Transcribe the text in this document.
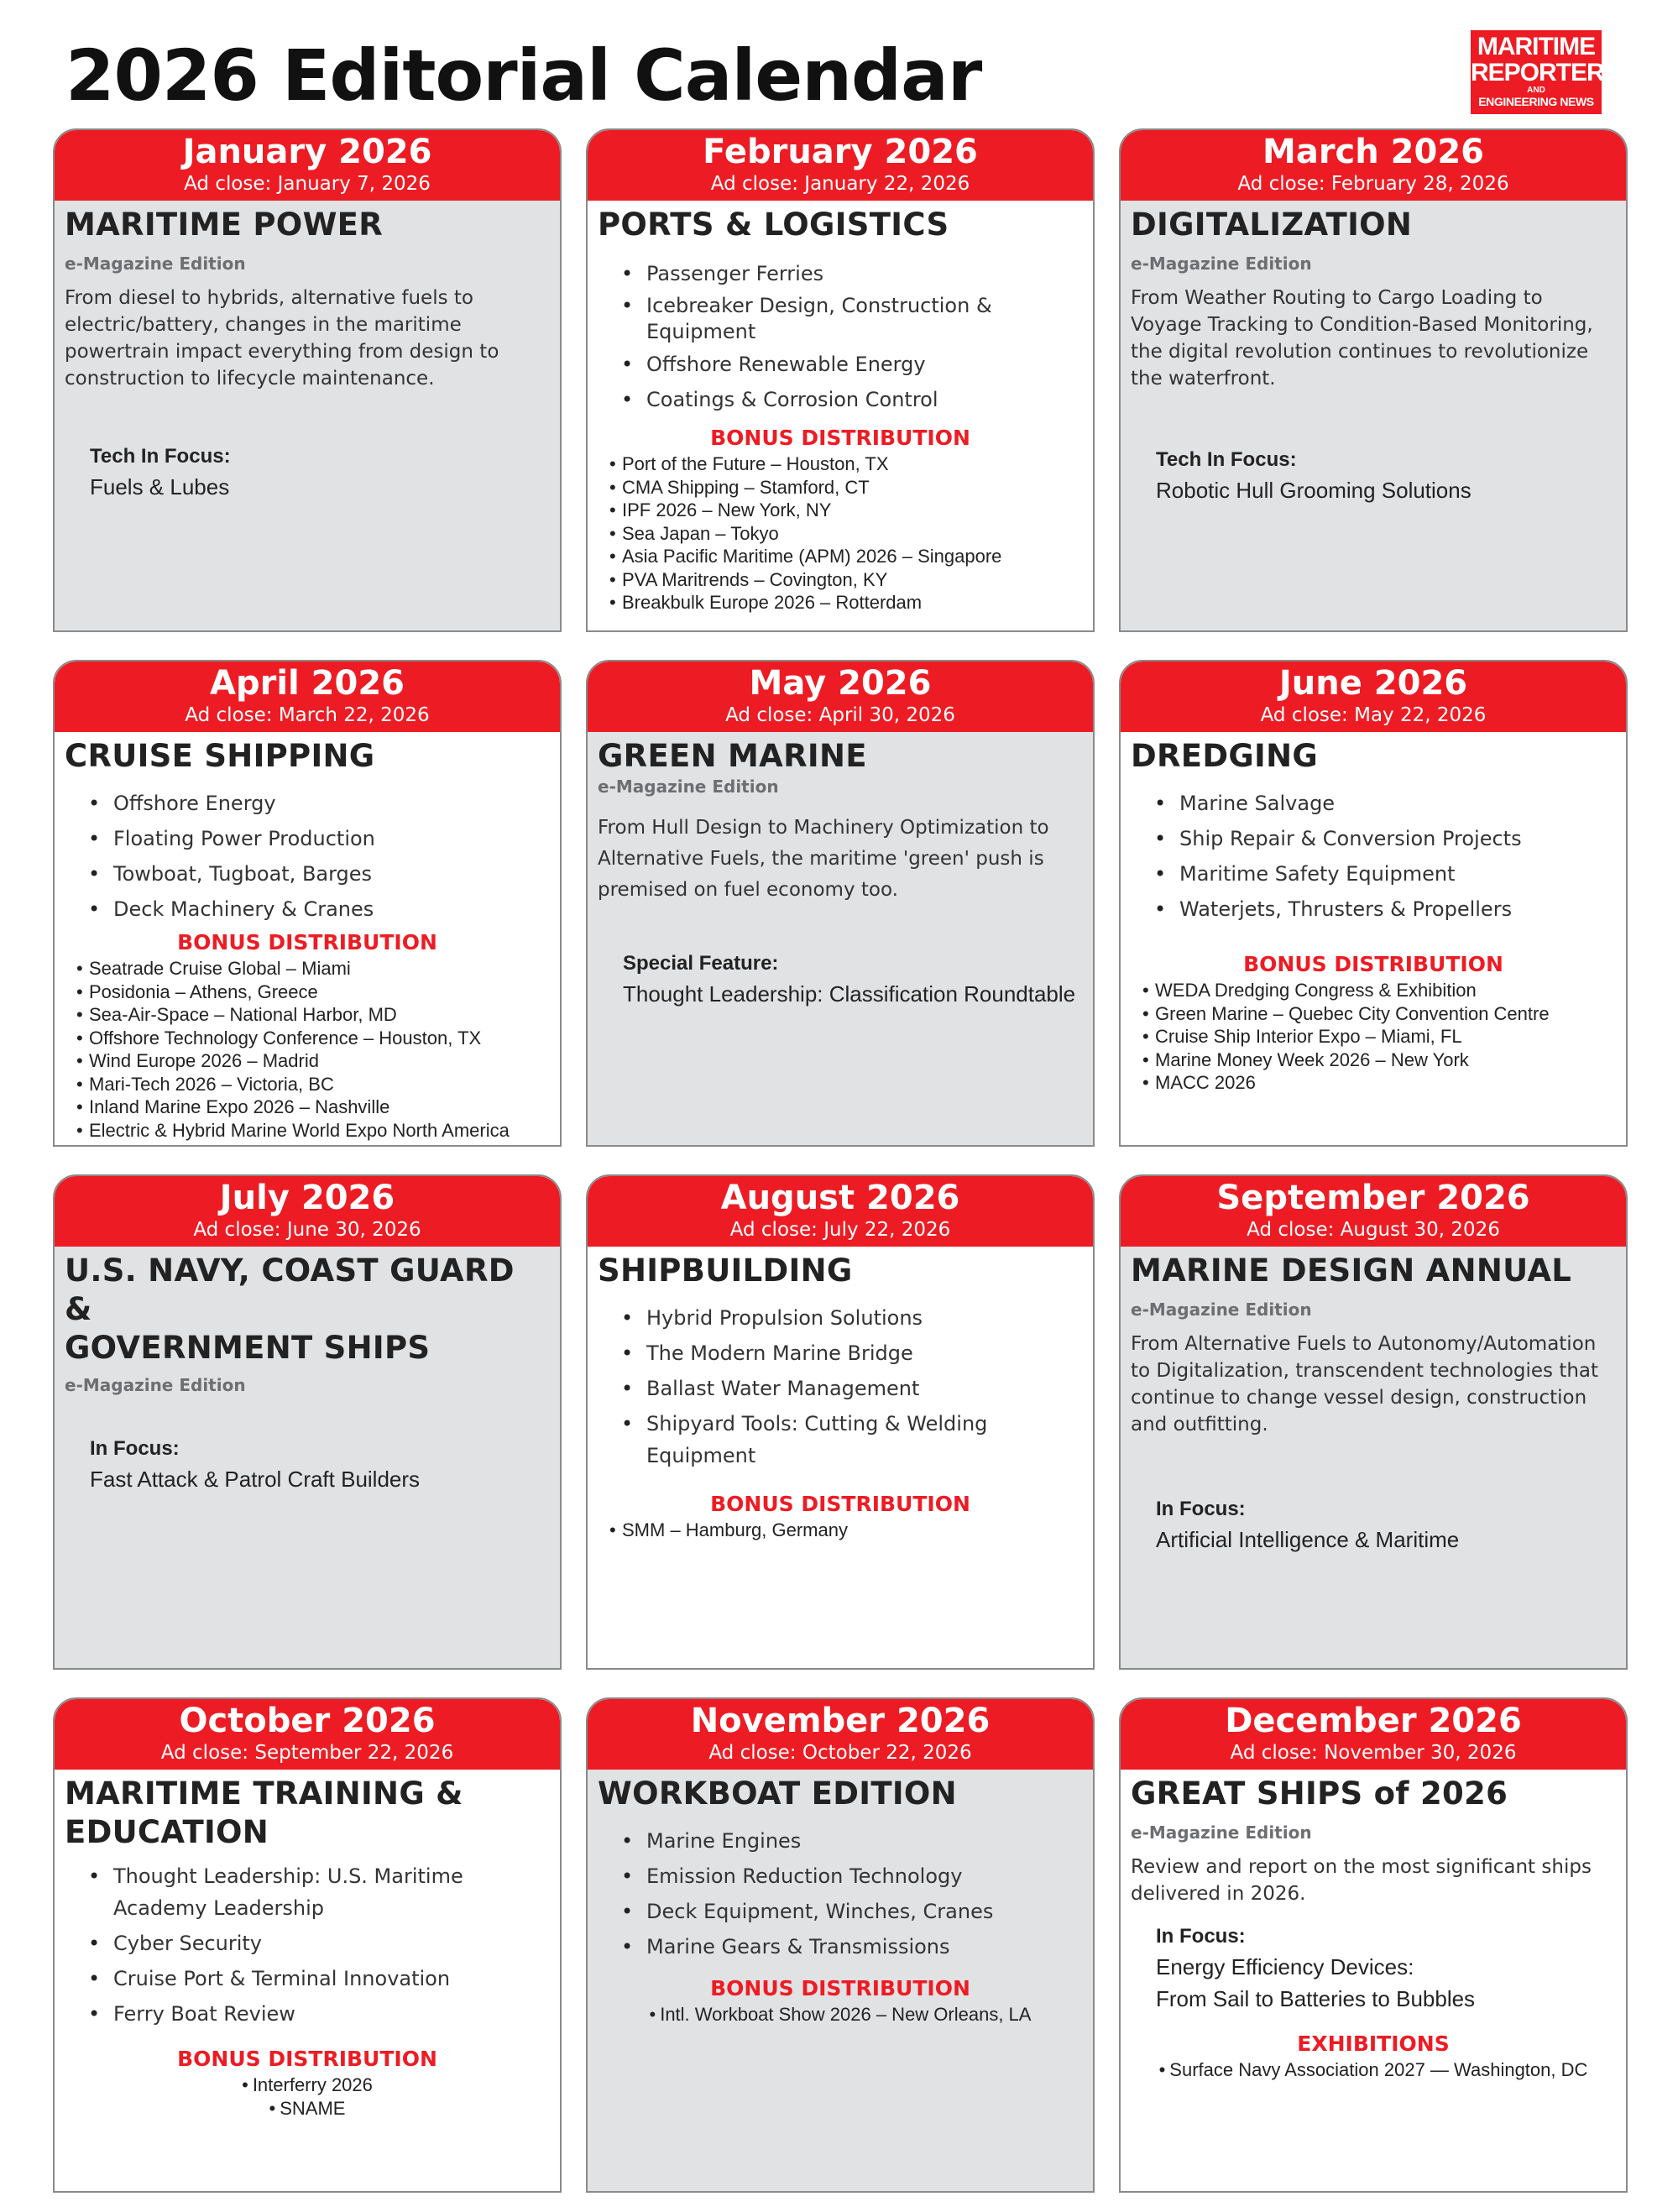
2026 Editorial Calendar	MARITIME
REPORTER
AND
ENGINEERING NEWS
January 2026
Ad close: January 7, 2026
MARITIME POWER
e-Magazine Edition
From diesel to hybrids, alternative fuels to electric/battery, changes in the maritime powertrain impact everything from design to construction to lifecycle maintenance.
Tech In Focus:
Fuels & Lubes
February 2026
Ad close: January 22, 2026
PORTS & LOGISTICS
• Passenger Ferries
• Icebreaker Design, Construction & Equipment
• Offshore Renewable Energy
• Coatings & Corrosion Control
BONUS DISTRIBUTION
• Port of the Future – Houston, TX
• CMA Shipping – Stamford, CT
• IPF 2026 – New York, NY
• Sea Japan – Tokyo
• Asia Pacific Maritime (APM) 2026 – Singapore
• PVA Maritrends – Covington, KY
• Breakbulk Europe 2026 – Rotterdam
March 2026
Ad close: February 28, 2026
DIGITALIZATION
e-Magazine Edition
From Weather Routing to Cargo Loading to Voyage Tracking to Condition-Based Monitoring, the digital revolution continues to revolutionize the waterfront.
Tech In Focus:
Robotic Hull Grooming Solutions
April 2026
Ad close: March 22, 2026
CRUISE SHIPPING
• Offshore Energy
• Floating Power Production
• Towboat, Tugboat, Barges
• Deck Machinery & Cranes
BONUS DISTRIBUTION
• Seatrade Cruise Global – Miami
• Posidonia – Athens, Greece
• Sea-Air-Space – National Harbor, MD
• Offshore Technology Conference – Houston, TX
• Wind Europe 2026 – Madrid
• Mari-Tech 2026 – Victoria, BC
• Inland Marine Expo 2026 – Nashville
• Electric & Hybrid Marine World Expo North America
May 2026
Ad close: April 30, 2026
GREEN MARINE
e-Magazine Edition
From Hull Design to Machinery Optimization to Alternative Fuels, the maritime 'green' push is premised on fuel economy too.
Special Feature:
Thought Leadership: Classification Roundtable
June 2026
Ad close: May 22, 2026
DREDGING
• Marine Salvage
• Ship Repair & Conversion Projects
• Maritime Safety Equipment
• Waterjets, Thrusters & Propellers
BONUS DISTRIBUTION
• WEDA Dredging Congress & Exhibition
• Green Marine – Quebec City Convention Centre
• Cruise Ship Interior Expo – Miami, FL
• Marine Money Week 2026 – New York
• MACC 2026
July 2026
Ad close: June 30, 2026
U.S. NAVY, COAST GUARD &
GOVERNMENT SHIPS
e-Magazine Edition
In Focus:
Fast Attack & Patrol Craft Builders
August 2026
Ad close: July 22, 2026
SHIPBUILDING
• Hybrid Propulsion Solutions
• The Modern Marine Bridge
• Ballast Water Management
• Shipyard Tools: Cutting & Welding Equipment
BONUS DISTRIBUTION
• SMM – Hamburg, Germany
September 2026
Ad close: August 30, 2026
MARINE DESIGN ANNUAL
e-Magazine Edition
From Alternative Fuels to Autonomy/Automation to Digitalization, transcendent technologies that continue to change vessel design, construction and outfitting.
In Focus:
Artificial Intelligence & Maritime
October 2026
Ad close: September 22, 2026
MARITIME TRAINING &
EDUCATION
• Thought Leadership: U.S. Maritime Academy Leadership
• Cyber Security
• Cruise Port & Terminal Innovation
• Ferry Boat Review
BONUS DISTRIBUTION
• Interferry 2026
• SNAME
November 2026
Ad close: October 22, 2026
WORKBOAT EDITION
• Marine Engines
• Emission Reduction Technology
• Deck Equipment, Winches, Cranes
• Marine Gears & Transmissions
BONUS DISTRIBUTION
• Intl. Workboat Show 2026 – New Orleans, LA
December 2026
Ad close: November 30, 2026
GREAT SHIPS of 2026
e-Magazine Edition
Review and report on the most significant ships delivered in 2026.
In Focus:
Energy Efficiency Devices:
From Sail to Batteries to Bubbles
EXHIBITIONS
• Surface Navy Association 2027 — Washington, DC
